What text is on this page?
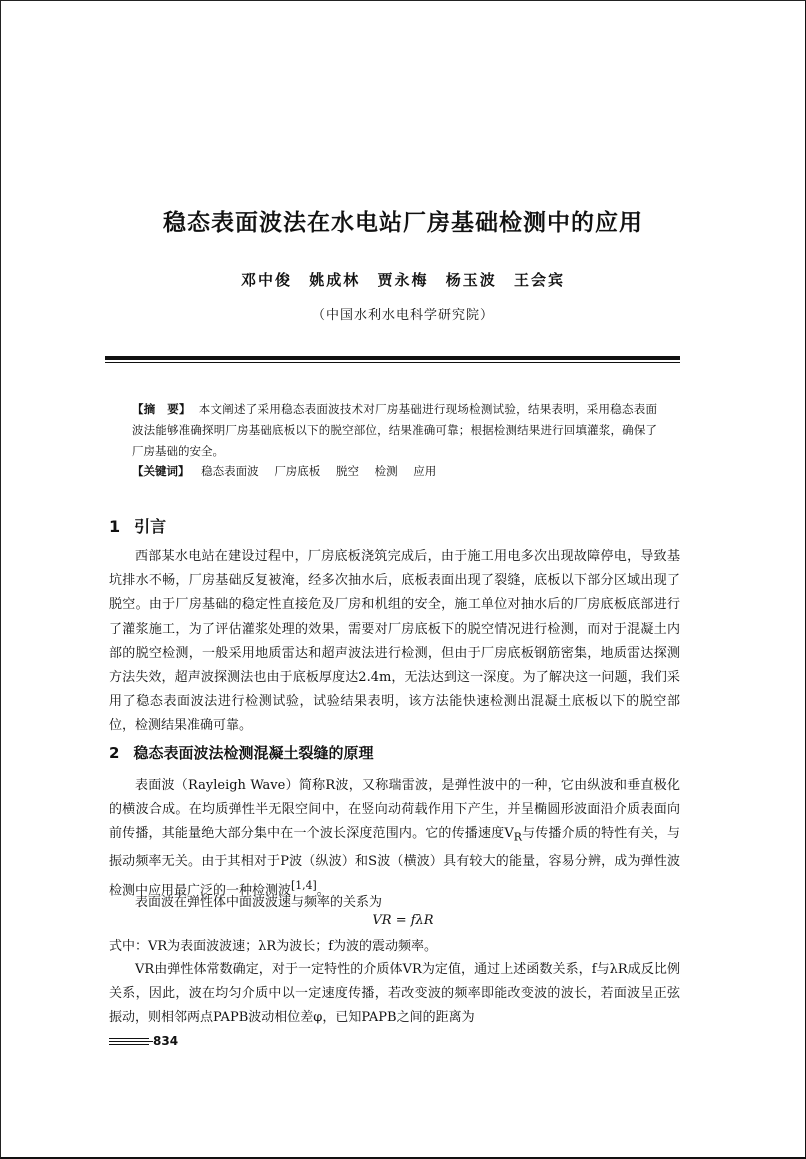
稳态表面波法在水电站厂房基础检测中的应用
邓中俊 姚成林 贾永梅 杨玉波 王会宾
（中国水利水电科学研究院）
【摘　要】 本文阐述了采用稳态表面波技术对厂房基础进行现场检测试验，结果表明，采用稳态表面波法能够准确探明厂房基础底板以下的脱空部位，结果准确可靠；根据检测结果进行回填灌浆，确保了厂房基础的安全。
【关键词】 稳态表面波 厂房底板 脱空 检测 应用
1 引言
西部某水电站在建设过程中，厂房底板浇筑完成后，由于施工用电多次出现故障停电，导致基坑排水不畅，厂房基础反复被淹，经多次抽水后，底板表面出现了裂缝，底板以下部分区域出现了脱空。由于厂房基础的稳定性直接危及厂房和机组的安全，施工单位对抽水后的厂房底板底部进行了灌浆施工，为了评估灌浆处理的效果，需要对厂房底板下的脱空情况进行检测，而对于混凝土内部的脱空检测，一般采用地质雷达和超声波法进行检测，但由于厂房底板钢筋密集，地质雷达探测方法失效，超声波探测法也由于底板厚度达2.4m，无法达到这一深度。为了解决这一问题，我们采用了稳态表面波法进行检测试验，试验结果表明，该方法能快速检测出混凝土底板以下的脱空部位，检测结果准确可靠。
2 稳态表面波法检测混凝土裂缝的原理
表面波（Rayleigh Wave）简称R波，又称瑞雷波，是弹性波中的一种，它由纵波和垂直极化的横波合成。在均质弹性半无限空间中，在竖向动荷载作用下产生，并呈椭圆形波面沿介质表面向前传播，其能量绝大部分集中在一个波长深度范围内。它的传播速度$V_R$与传播介质的特性有关，与振动频率无关。由于其相对于P波（纵波）和S波（横波）具有较大的能量，容易分辨，成为弹性波检测中应用最广泛的一种检测波[1,4]。
表面波在弹性体中面波波速与频率的关系为
VR = fλR
式中：VR为表面波波速；λR为波长；f为波的震动频率。
VR由弹性体常数确定，对于一定特性的介质体VR为定值，通过上述函数关系，f与λR成反比例关系，因此，波在均匀介质中以一定速度传播，若改变波的频率即能改变波的波长，若面波呈正弦振动，则相邻两点PAPB波动相位差φ，已知PAPB之间的距离为
834
